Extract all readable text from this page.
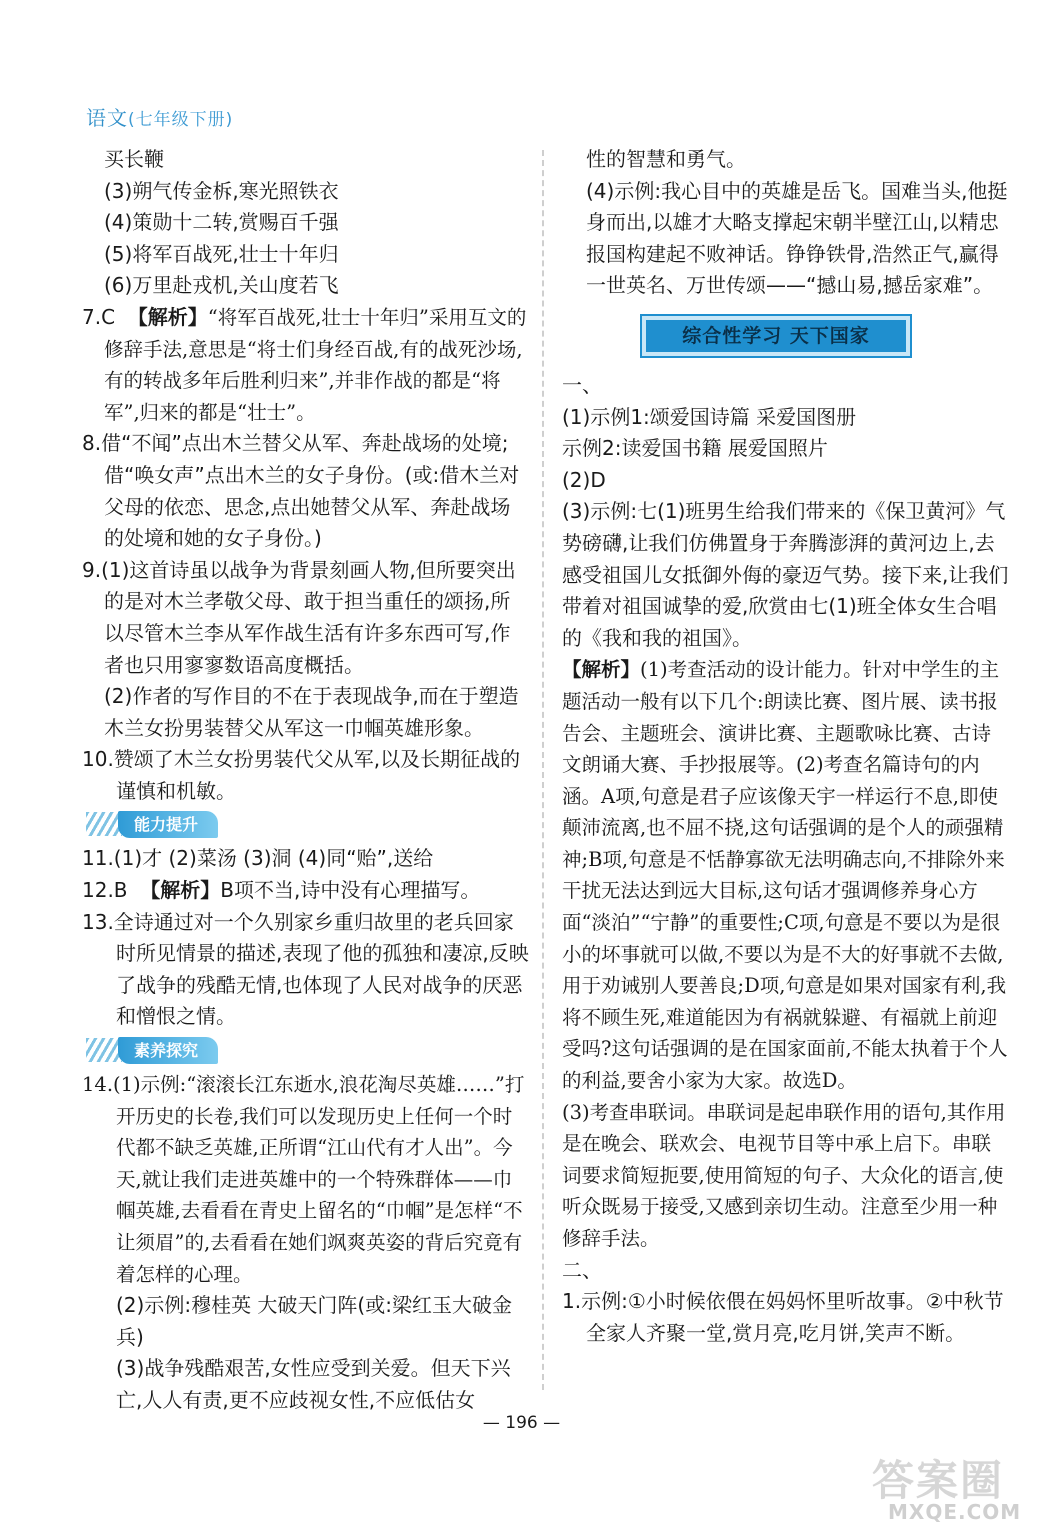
语文(七年级下册)

买长鞭

(3)朔气传金柝,寒光照铁衣

(4)策勋十二转,赏赐百千强

(5)将军百战死,壮士十年归

(6)万里赴戎机,关山度若飞

7.C 【解析】“将军百战死,壮士十年归”采用互文的修辞手法,意思是“将士们身经百战,有的战死沙场,有的转战多年后胜利归来”,并非作战的都是“将军”,归来的都是“壮士”。

8.借“不闻”点出木兰替父从军、奔赴战场的处境;借“唤女声”点出木兰的女子身份。(或:借木兰对父母的依恋、思念,点出她替父从军、奔赴战场的处境和她的女子身份。)

9.(1)这首诗虽以战争为背景刻画人物,但所要突出的是对木兰孝敬父母、敢于担当重任的颂扬,所以尽管木兰李从军作战生活有许多东西可写,作者也只用寥寥数语高度概括。

(2)作者的写作目的不在于表现战争,而在于塑造木兰女扮男装替父从军这一巾帼英雄形象。

10.赞颂了木兰女扮男装代父从军,以及长期征战的谨慎和机敏。

能力提升

11.(1)才 (2)菜汤 (3)洞 (4)同“贻”,送给

12.B 【解析】B项不当,诗中没有心理描写。

13.全诗通过对一个久别家乡重归故里的老兵回家时所见情景的描述,表现了他的孤独和凄凉,反映了战争的残酷无情,也体现了人民对战争的厌恶和憎恨之情。

素养探究

14.(1)示例:“滚滚长江东逝水,浪花淘尽英雄……”打开历史的长卷,我们可以发现历史上任何一个时代都不缺乏英雄,正所谓“江山代有才人出”。今天,就让我们走进英雄中的一个特殊群体——巾帼英雄,去看看在青史上留名的“巾帼”是怎样“不让须眉”的,去看看在她们飒爽英姿的背后究竟有着怎样的心理。

(2)示例:穆桂英 大破天门阵(或:梁红玉大破金兵)

(3)战争残酷艰苦,女性应受到关爱。但天下兴亡,人人有责,更不应歧视女性,不应低估女

性的智慧和勇气。

(4)示例:我心目中的英雄是岳飞。国难当头,他挺身而出,以雄才大略支撑起宋朝半壁江山,以精忠报国构建起不败神话。铮铮铁骨,浩然正气,赢得一世英名、万世传颂——“撼山易,撼岳家难”。

综合性学习 天下国家

一、

(1)示例1:颂爱国诗篇 采爱国图册

示例2:读爱国书籍 展爱国照片

(2)D

(3)示例:七(1)班男生给我们带来的《保卫黄河》气势磅礴,让我们仿佛置身于奔腾澎湃的黄河边上,去感受祖国儿女抵御外侮的豪迈气势。接下来,让我们带着对祖国诚挚的爱,欣赏由七(1)班全体女生合唱的《我和我的祖国》。

【解析】(1)考查活动的设计能力。针对中学生的主题活动一般有以下几个:朗读比赛、图片展、读书报告会、主题班会、演讲比赛、主题歌咏比赛、古诗文朗诵大赛、手抄报展等。(2)考查名篇诗句的内涵。A项,句意是君子应该像天宇一样运行不息,即使颠沛流离,也不屈不挠,这句话强调的是个人的顽强精神;B项,句意是不恬静寡欲无法明确志向,不排除外来干扰无法达到远大目标,这句话才强调修养身心方面“淡泊”“宁静”的重要性;C项,句意是不要以为是很小的坏事就可以做,不要以为是不大的好事就不去做,用于劝诫别人要善良;D项,句意是如果对国家有利,我将不顾生死,难道能因为有祸就躲避、有福就上前迎受吗?这句话强调的是在国家面前,不能太执着于个人的利益,要舍小家为大家。故选D。

(3)考查串联词。串联词是起串联作用的语句,其作用是在晚会、联欢会、电视节目等中承上启下。串联词要求简短扼要,使用简短的句子、大众化的语言,使听众既易于接受,又感到亲切生动。注意至少用一种修辞手法。

二、

1.示例:①小时候依偎在妈妈怀里听故事。②中秋节全家人齐聚一堂,赏月亮,吃月饼,笑声不断。

— 196 —
答案圈
MXQE.COM
